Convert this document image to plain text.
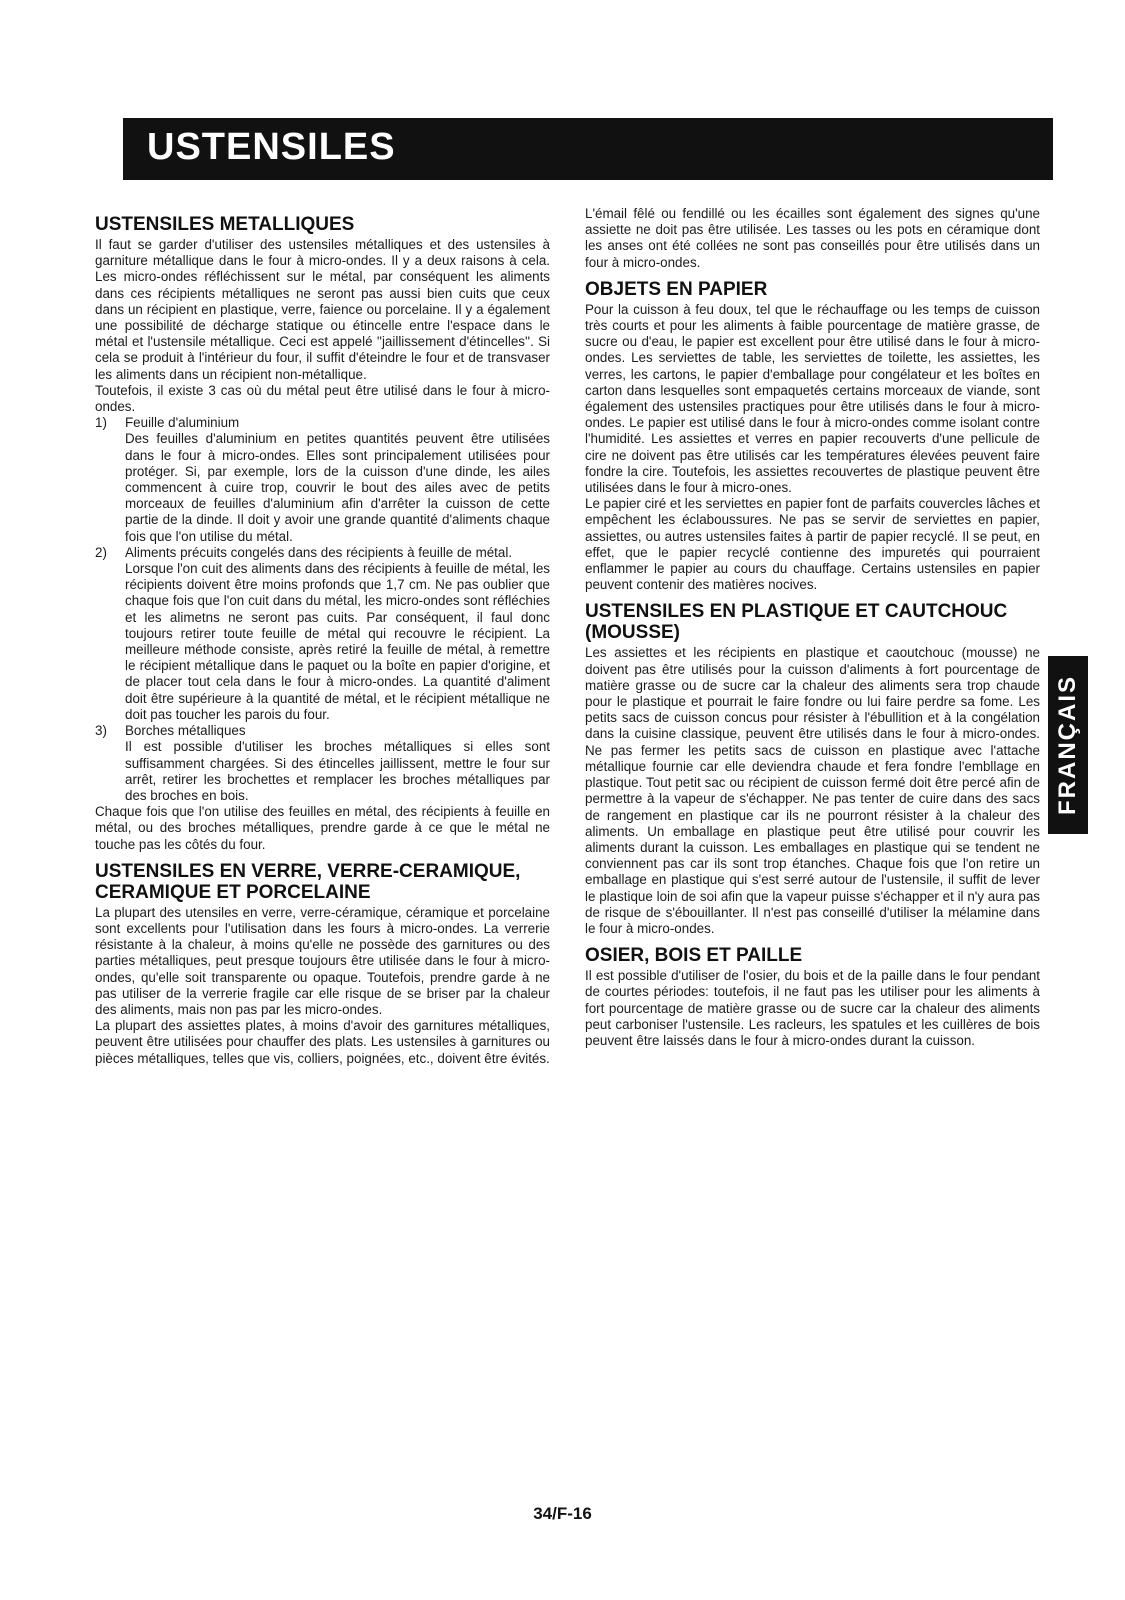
USTENSILES
USTENSILES METALLIQUES

Il faut se garder d'utiliser des ustensiles métalliques et des ustensiles à garniture métallique dans le four à micro-ondes. Il y a deux raisons à cela. Les micro-ondes réfléchissent sur le métal, par conséquent les aliments dans ces récipients métalliques ne seront pas aussi bien cuits que ceux dans un récipient en plastique, verre, faience ou porcelaine. Il y a également une possibilité de décharge statique ou étincelle entre l'espace dans le métal et l'ustensile métallique. Ceci est appelé ''jaillissement d'étincelles''. Si cela se produit à l'intérieur du four, il suffit d'éteindre le four et de transvaser les aliments dans un récipient non-métallique.

Toutefois, il existe 3 cas où du métal peut être utilisé dans le four à micro-ondes.

1)	Feuille d'aluminium

Des feuilles d'aluminium en petites quantités peuvent être utilisées dans le four à micro-ondes. Elles sont principalement utilisées pour protéger. Si, par exemple, lors de la cuisson d'une dinde, les ailes commencent à cuire trop, couvrir le bout des ailes avec de petits morceaux de feuilles d'aluminium afin d'arrêter la cuisson de cette partie de la dinde. Il doit y avoir une grande quantité d'aliments chaque fois que l'on utilise du métal.

2)	Aliments précuits congelés dans des récipients à feuille de métal.

Lorsque l'on cuit des aliments dans des récipients à feuille de métal, les récipients doivent être moins profonds que 1,7 cm. Ne pas oublier que chaque fois que l'on cuit dans du métal, les micro-ondes sont réfléchies et les alimetns ne seront pas cuits. Par conséquent, il faul donc toujours retirer toute feuille de métal qui recouvre le récipient. La meilleure méthode consiste, après retiré la feuille de métal, à remettre le récipient métallique dans le paquet ou la boîte en papier d'origine, et de placer tout cela dans le four à micro-ondes. La quantité d'aliment doit être supérieure à la quantité de métal, et le récipient métallique ne doit pas toucher les parois du four.

3)	Borches métalliques

Il est possible d'utiliser les broches métalliques si elles sont suffisamment chargées. Si des étincelles jaillissent, mettre le four sur arrêt, retirer les brochettes et remplacer les broches métalliques par des broches en bois.

Chaque fois que l'on utilise des feuilles en métal, des récipients à feuille en métal, ou des broches métalliques, prendre garde à ce que le métal ne touche pas les côtés du four.

USTENSILES EN VERRE, VERRE-CERAMIQUE, CERAMIQUE ET PORCELAINE

La plupart des utensiles en verre, verre-céramique, céramique et porcelaine sont excellents pour l'utilisation dans les fours à micro-ondes. La verrerie résistante à la chaleur, à moins qu'elle ne possède des garnitures ou des parties métalliques, peut presque toujours être utilisée dans le four à micro-ondes, qu'elle soit transparente ou opaque. Toutefois, prendre garde à ne pas utiliser de la verrerie fragile car elle risque de se briser par la chaleur des aliments, mais non pas par les micro-ondes.

La plupart des assiettes plates, à moins d'avoir des garnitures métalliques, peuvent être utilisées pour chauffer des plats. Les ustensiles à garnitures ou pièces métalliques, telles que vis, colliers, poignées, etc., doivent être évités.

L'émail fêlé ou fendillé ou les écailles sont également des signes qu'une assiette ne doit pas être utilisée. Les tasses ou les pots en céramique dont les anses ont été collées ne sont pas conseillés pour être utilisés dans un four à micro-ondes.

OBJETS EN PAPIER

Pour la cuisson à feu doux, tel que le réchauffage ou les temps de cuisson très courts et pour les aliments à faible pourcentage de matière grasse, de sucre ou d'eau, le papier est excellent pour être utilisé dans le four à micro-ondes. Les serviettes de table, les serviettes de toilette, les assiettes, les verres, les cartons, le papier d'emballage pour congélateur et les boîtes en carton dans lesquelles sont empaquetés certains morceaux de viande, sont également des ustensiles practiques pour être utilisés dans le four à micro-ondes. Le papier est utilisé dans le four à micro-ondes comme isolant contre l'humidité. Les assiettes et verres en papier recouverts d'une pellicule de cire ne doivent pas être utilisés car les températures élevées peuvent faire fondre la cire. Toutefois, les assiettes recouvertes de plastique peuvent être utilisées dans le four à micro-ones.

Le papier ciré et les serviettes en papier font de parfaits couvercles lâches et empêchent les éclaboussures. Ne pas se servir de serviettes en papier, assiettes, ou autres ustensiles faites à partir de papier recyclé. Il se peut, en effet, que le papier recyclé contienne des impuretés qui pourraient enflammer le papier au cours du chauffage. Certains ustensiles en papier peuvent contenir des matières nocives.

USTENSILES EN PLASTIQUE ET CAUTCHOUC (MOUSSE)

Les assiettes et les récipients en plastique et caoutchouc (mousse) ne doivent pas être utilisés pour la cuisson d'aliments à fort pourcentage de matière grasse ou de sucre car la chaleur des aliments sera trop chaude pour le plastique et pourrait le faire fondre ou lui faire perdre sa fome. Les petits sacs de cuisson concus pour résister à l'ébullition et à la congélation dans la cuisine classique, peuvent être utilisés dans le four à micro-ondes. Ne pas fermer les petits sacs de cuisson en plastique avec l'attache métallique fournie car elle deviendra chaude et fera fondre l'embllage en plastique. Tout petit sac ou récipient de cuisson fermé doit être percé afin de permettre à la vapeur de s'échapper. Ne pas tenter de cuire dans des sacs de rangement en plastique car ils ne pourront résister à la chaleur des aliments. Un emballage en plastique peut être utilisé pour couvrir les aliments durant la cuisson. Les emballages en plastique qui se tendent ne conviennent pas car ils sont trop étanches. Chaque fois que l'on retire un emballage en plastique qui s'est serré autour de l'ustensile, il suffit de lever le plastique loin de soi afin que la vapeur puisse s'échapper et il n'y aura pas de risque de s'ébouillanter. Il n'est pas conseillé d'utiliser la mélamine dans le four à micro-ondes.

OSIER, BOIS ET PAILLE

Il est possible d'utiliser de l'osier, du bois et de la paille dans le four pendant de courtes périodes: toutefois, il ne faut pas les utiliser pour les aliments à fort pourcentage de matière grasse ou de sucre car la chaleur des aliments peut carboniser l'ustensile. Les racleurs, les spatules et les cuillères de bois peuvent être laissés dans le four à micro-ondes durant la cuisson.

FRANÇAIS
34/F-16
